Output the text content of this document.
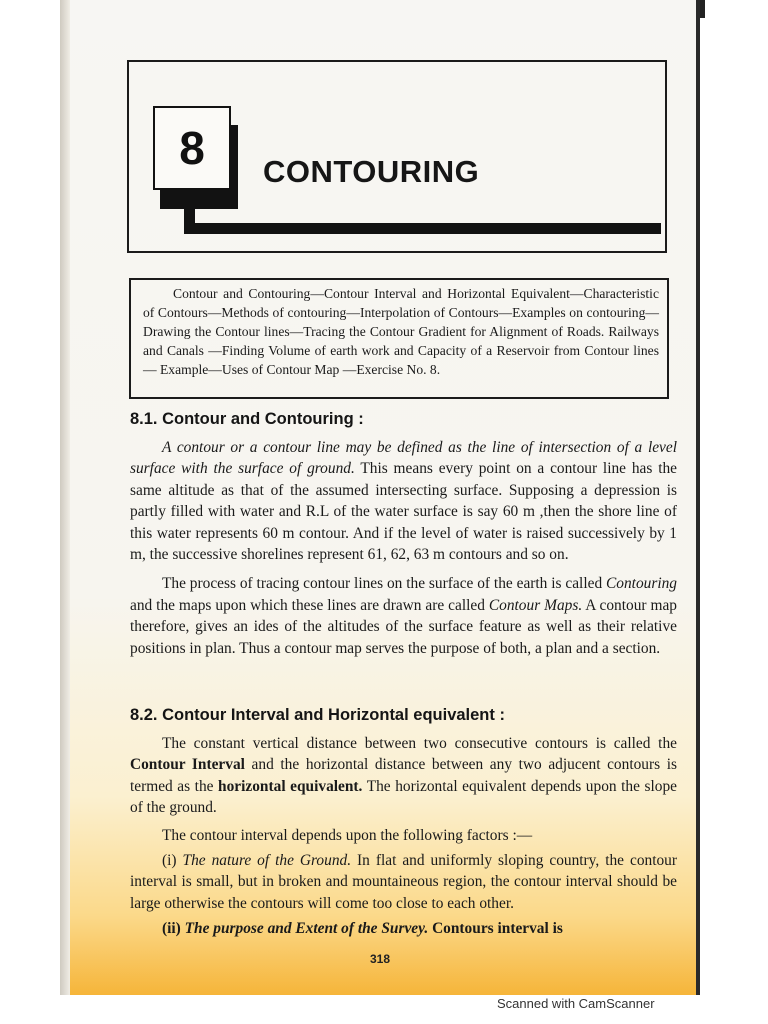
8	CONTOURING
Contour and Contouring—Contour Interval and Horizontal Equivalent—Characteristic of Contours—Methods of contouring—Interpolation of Contours—Examples on contouring—Drawing the Contour lines—Tracing the Contour Gradient for Alignment of Roads. Railways and Canals —Finding Volume of earth work and Capacity of a Reservoir from Contour lines — Example—Uses of Contour Map —Exercise No. 8.
8.1. Contour and Contouring :

A contour or a contour line may be defined as the line of intersection of a level surface with the surface of ground. This means every point on a contour line has the same altitude as that of the assumed intersecting surface. Supposing a depression is partly filled with water and R.L of the water surface is say 60 m ,then the shore line of this water represents 60 m contour. And if the level of water is raised successively by 1 m, the successive shorelines represent 61, 62, 63 m contours and so on.

The process of tracing contour lines on the surface of the earth is called Contouring and the maps upon which these lines are drawn are called Contour Maps. A contour map therefore, gives an ides of the altitudes of the surface feature as well as their relative positions in plan. Thus a contour map serves the purpose of both, a plan and a section.

8.2. Contour Interval and Horizontal equivalent :

The constant vertical distance between two consecutive contours is called the Contour Interval and the horizontal distance between any two adjucent contours is termed as the horizontal equivalent. The horizontal equivalent depends upon the slope of the ground.

The contour interval depends upon the following factors :—

(i) The nature of the Ground. In flat and uniformly sloping country, the contour interval is small, but in broken and mountaineous region, the contour interval should be large otherwise the contours will come too close to each other.

(ii) The purpose and Extent of the Survey. Contours interval is

318
Scanned with CamScanner
